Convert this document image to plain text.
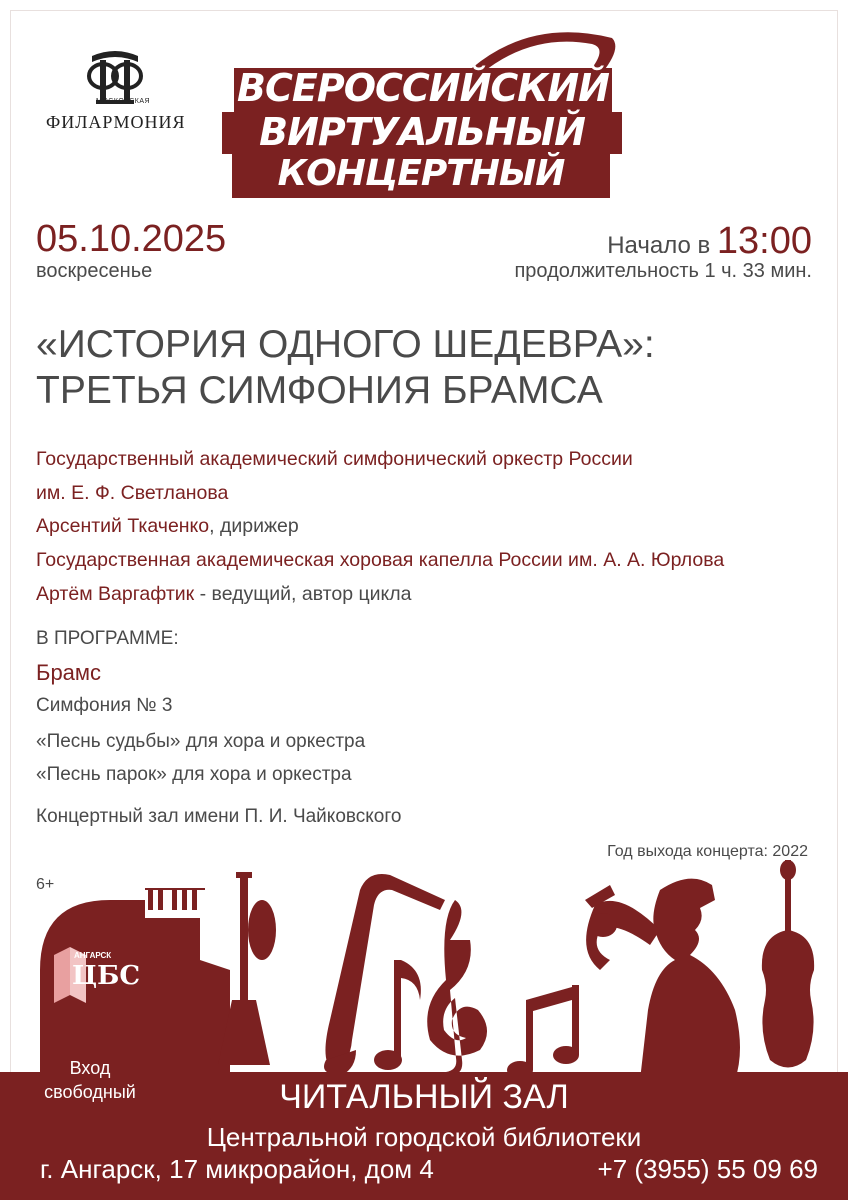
МОСКОВСКАЯ
ФИЛАРМОНИЯ
ВСЕРОССИЙСКИЙ
ВИРТУАЛЬНЫЙ
КОНЦЕРТНЫЙ ЗАЛ
05.10.2025
воскресенье
Начало в 13:00
продолжительность 1 ч. 33 мин.
«ИСТОРИЯ ОДНОГО ШЕДЕВРА»:
ТРЕТЬЯ СИМФОНИЯ БРАМСА
Государственный академический симфонический оркестр России
им. Е. Ф. Светланова
Арсентий Ткаченко, дирижер
Государственная академическая хоровая капелла России им. А. А. Юрлова
Артём Варгафтик - ведущий, автор цикла
В ПРОГРАММЕ:
Брамс
Симфония № 3
«Песнь судьбы» для хора и оркестра
«Песнь парок» для хора и оркестра
Концертный зал имени П. И. Чайковского
Год выхода концерта: 2022
6+
АНГАРСК
ЦБС
Вход свободный	ЧИТАЛЬНЫЙ ЗАЛ
Центральной городской библиотеки
г. Ангарск, 17 микрорайон, дом 4	+7 (3955) 55 09 69
